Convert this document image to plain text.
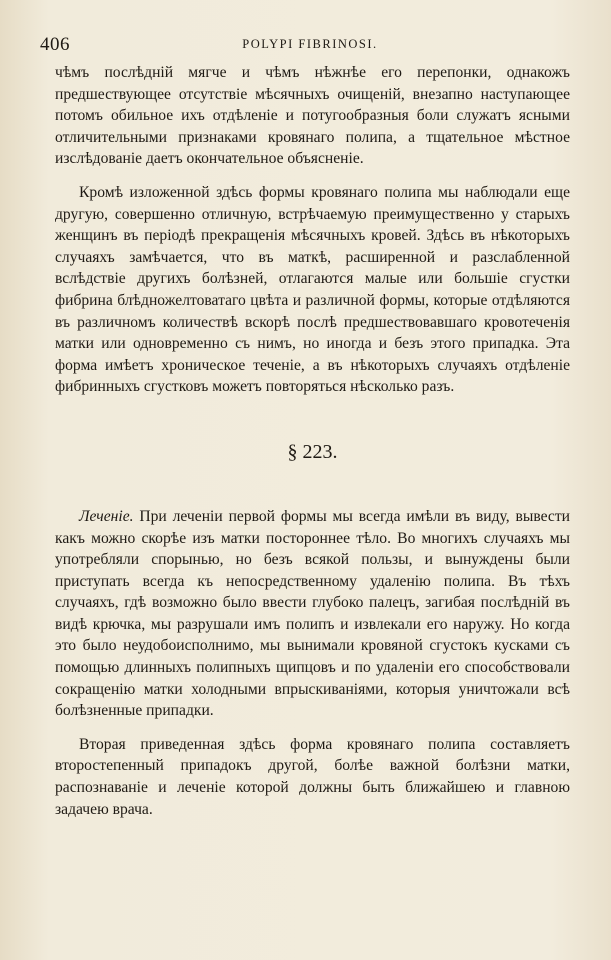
406	POLYPI FIBRINOSI.

чѣмъ послѣднiй мягче и чѣмъ нѣжнѣе его перепонки, однакожъ предшествующее отсутствiе мѣсячныхъ очищенiй, внезапно наступающее потомъ обильное ихъ отдѣленiе и потугообразныя боли служатъ ясными отличительными признаками кровянаго полипа, а тщательное мѣстное изслѣдованiе даетъ окончательное объясненiе.

Кромѣ изложенной здѣсь формы кровянаго полипа мы наблюдали еще другую, совершенно отличную, встрѣчаемую преимущественно у старыхъ женщинъ въ перiодѣ прекращенiя мѣсячныхъ кровей. Здѣсь въ нѣкоторыхъ случаяхъ замѣчается, что въ маткѣ, расширенной и разслабленной вслѣдствiе другихъ болѣзней, отлагаются малые или большiе сгустки фибрина блѣдножелтоватаго цвѣта и различной формы, которые отдѣляются въ различномъ количествѣ вскорѣ послѣ предшествовавшаго кровотеченiя матки или одновременно съ нимъ, но иногда и безъ этого припадка. Эта форма имѣетъ хроническое теченiе, а въ нѣкоторыхъ случаяхъ отдѣленiе фибринныхъ сгустковъ можетъ повторяться нѣсколько разъ.

§ 223.

Леченiе. При леченiи первой формы мы всегда имѣли въ виду, вывести какъ можно скорѣе изъ матки постороннее тѣло. Во многихъ случаяхъ мы употребляли спорынью, но безъ всякой пользы, и вынуждены были приступать всегда къ непосредственному удаленiю полипа. Въ тѣхъ случаяхъ, гдѣ возможно было ввести глубоко палецъ, загибая послѣднiй въ видѣ крючка, мы разрушали имъ полипъ и извлекали его наружу. Но когда это было неудобоисполнимо, мы вынимали кровяной сгустокъ кусками съ помощью длинныхъ полипныхъ щипцовъ и по удаленiи его способствовали сокращенiю матки холодными впрыскиванiями, которыя уничтожали всѣ болѣзненные припадки.

Вторая приведенная здѣсь форма кровянаго полипа составляетъ второстепенный припадокъ другой, болѣе важной болѣзни матки, распознаванiе и леченiе которой должны быть ближайшею и главною задачею врача.
